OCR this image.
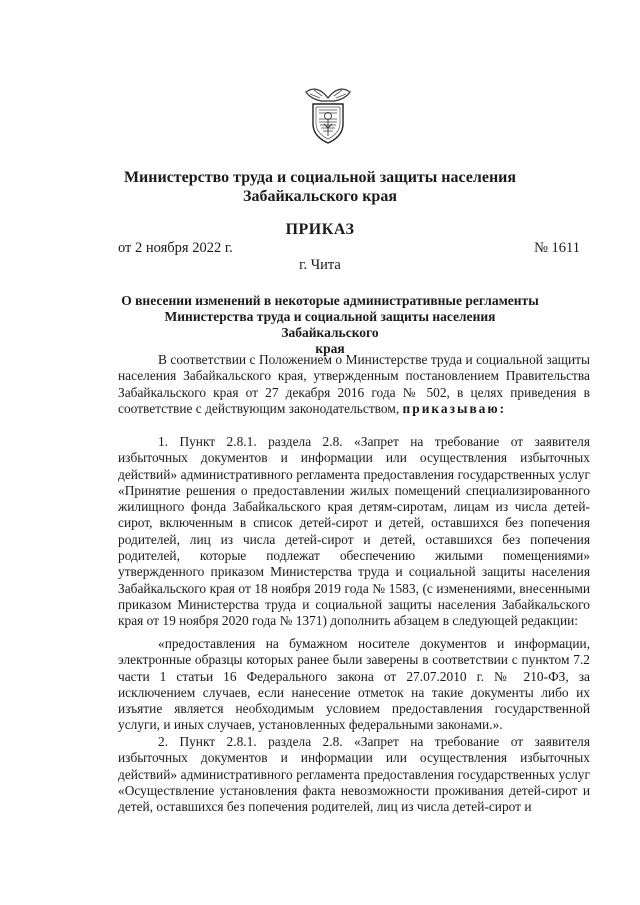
Министерство труда и социальной защиты населения
Забайкальского края
ПРИКАЗ
от 2 ноября 2022 г.	№ 1611
г. Чита
О внесении изменений в некоторые административные регламенты
Министерства труда и социальной защиты населения Забайкальского
края

В соответствии с Положением о Министерстве труда и социальной защиты населения Забайкальского края, утвержденным постановлением Правительства Забайкальского края от 27 декабря 2016 года № 502, в целях приведения в соответствие с действующим законодательством, приказываю:

1. Пункт 2.8.1. раздела 2.8. «Запрет на требование от заявителя избыточных документов и информации или осуществления избыточных действий» административного регламента предоставления государственных услуг «Принятие решения о предоставлении жилых помещений специализированного жилищного фонда Забайкальского края детям-сиротам, лицам из числа детей-сирот, включенным в список детей-сирот и детей, оставшихся без попечения родителей, лиц из числа детей-сирот и детей, оставшихся без попечения родителей, которые подлежат обеспечению жилыми помещениями» утвержденного приказом Министерства труда и социальной защиты населения Забайкальского края от 18 ноября 2019 года № 1583, (с изменениями, внесенными приказом Министерства труда и социальной защиты населения Забайкальского края от 19 ноября 2020 года № 1371) дополнить абзацем в следующей редакции:

«предоставления на бумажном носителе документов и информации, электронные образцы которых ранее были заверены в соответствии с пунктом 7.2 части 1 статьи 16 Федерального закона от 27.07.2010 г. № 210-ФЗ, за исключением случаев, если нанесение отметок на такие документы либо их изъятие является необходимым условием предоставления государственной услуги, и иных случаев, установленных федеральными законами.».

2. Пункт 2.8.1. раздела 2.8. «Запрет на требование от заявителя избыточных документов и информации или осуществления избыточных действий» административного регламента предоставления государственных услуг «Осуществление установления факта невозможности проживания детей-сирот и детей, оставшихся без попечения родителей, лиц из числа детей-сирот и
